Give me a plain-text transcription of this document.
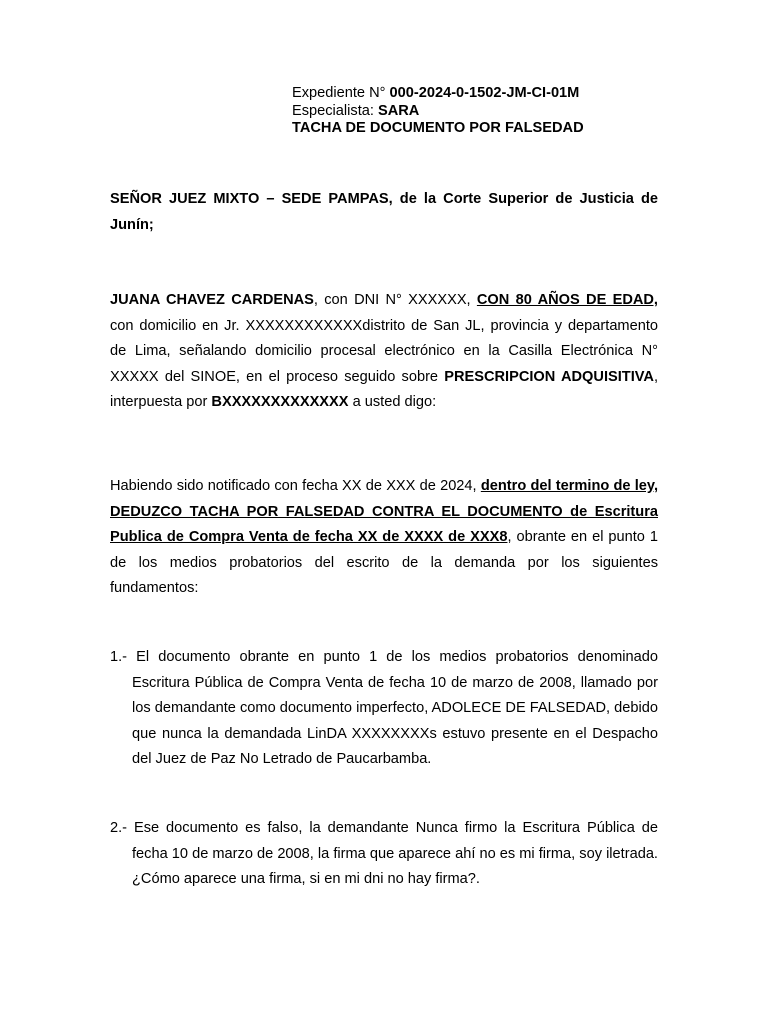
Expediente N° 000-2024-0-1502-JM-CI-01M
Especialista: SARA
TACHA DE DOCUMENTO POR FALSEDAD
SEÑOR JUEZ MIXTO – SEDE PAMPAS, de la Corte Superior de Justicia de Junín;
JUANA CHAVEZ CARDENAS, con DNI N° XXXXXX, CON 80 AÑOS DE EDAD, con domicilio en Jr. XXXXXXXXXXXXdistrito de San JL, provincia y departamento de Lima, señalando domicilio procesal electrónico en la Casilla Electrónica N° XXXXX del SINOE, en el proceso seguido sobre PRESCRIPCION ADQUISITIVA, interpuesta por BXXXXXXXXXXXXX a usted digo:
Habiendo sido notificado con fecha XX de XXX de 2024, dentro del termino de ley, DEDUZCO TACHA POR FALSEDAD CONTRA EL DOCUMENTO de Escritura Publica de Compra Venta de fecha XX de XXXX de XXX8, obrante en el punto 1 de los medios probatorios del escrito de la demanda por los siguientes fundamentos:
1.- El documento obrante en punto 1 de los medios probatorios denominado Escritura Pública de Compra Venta de fecha 10 de marzo de 2008, llamado por los demandante como documento imperfecto, ADOLECE DE FALSEDAD, debido que nunca la demandada LinDA XXXXXXXXs estuvo presente en el Despacho del Juez de Paz No Letrado de Paucarbamba.
2.- Ese documento es falso, la demandante Nunca firmo la Escritura Pública de fecha 10 de marzo de 2008, la firma que aparece ahí no es mi firma, soy iletrada. ¿Cómo aparece una firma, si en mi dni no hay firma?.
